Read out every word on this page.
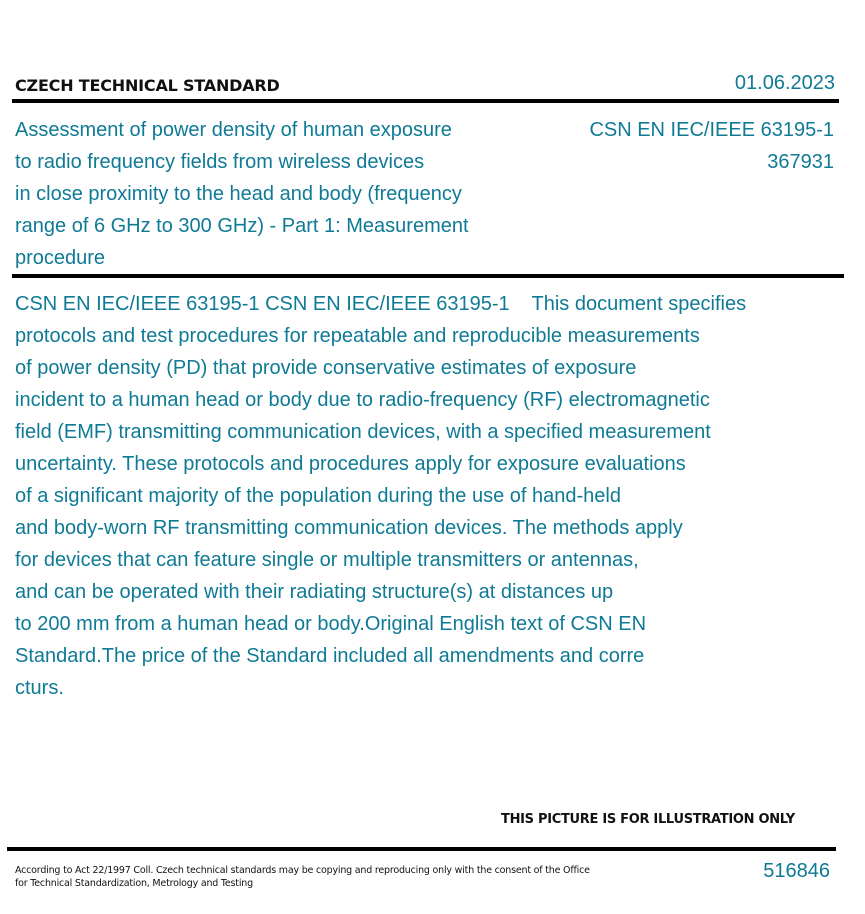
CZECH TECHNICAL STANDARD	01.06.2023
Assessment of power density of human exposure
to radio frequency fields from wireless devices
in close proximity to the head and body (frequency
range of 6 GHz to 300 GHz) - Part 1: Measurement
procedure
CSN EN IEC/IEEE 63195-1
367931
CSN EN IEC/IEEE 63195-1 CSN EN IEC/IEEE 63195-1    This document specifies
protocols and test procedures for repeatable and reproducible measurements
of power density (PD) that provide conservative estimates of exposure
incident to a human head or body due to radio-frequency (RF) electromagnetic
field (EMF) transmitting communication devices, with a specified measurement
uncertainty. These protocols and procedures apply for exposure evaluations
of a significant majority of the population during the use of hand-held
and body-worn RF transmitting communication devices. The methods apply
for devices that can feature single or multiple transmitters or antennas,
and can be operated with their radiating structure(s) at distances up
to 200 mm from a human head or body.Original English text of CSN EN
Standard.The price of the Standard included all amendments and corre
cturs.
THIS PICTURE IS FOR ILLUSTRATION ONLY
According to Act 22/1997 Coll. Czech technical standards may be copying and reproducing only with the consent of the Office
for Technical Standardization, Metrology and Testing
516846
